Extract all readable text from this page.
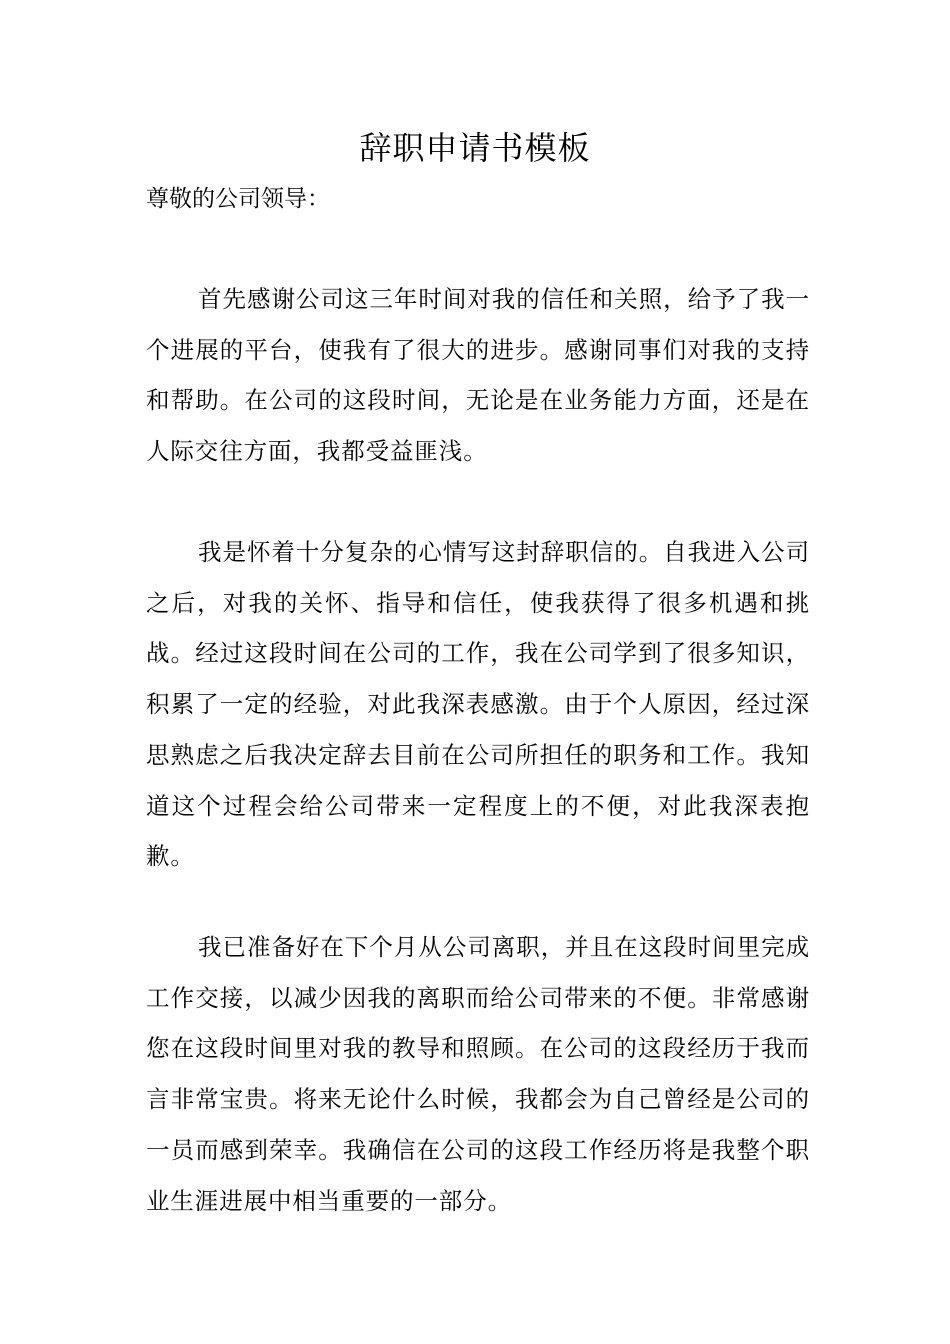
辞职申请书模板

尊敬的公司领导：

首先感谢公司这三年时间对我的信任和关照，给予了我一个进展的平台，使我有了很大的进步。感谢同事们对我的支持和帮助。在公司的这段时间，无论是在业务能力方面，还是在人际交往方面，我都受益匪浅。

我是怀着十分复杂的心情写这封辞职信的。自我进入公司之后，对我的关怀、指导和信任，使我获得了很多机遇和挑战。经过这段时间在公司的工作，我在公司学到了很多知识，积累了一定的经验，对此我深表感激。由于个人原因，经过深思熟虑之后我决定辞去目前在公司所担任的职务和工作。我知道这个过程会给公司带来一定程度上的不便，对此我深表抱歉。

我已准备好在下个月从公司离职，并且在这段时间里完成工作交接，以减少因我的离职而给公司带来的不便。非常感谢您在这段时间里对我的教导和照顾。在公司的这段经历于我而言非常宝贵。将来无论什么时候，我都会为自己曾经是公司的一员而感到荣幸。我确信在公司的这段工作经历将是我整个职业生涯进展中相当重要的一部分。
